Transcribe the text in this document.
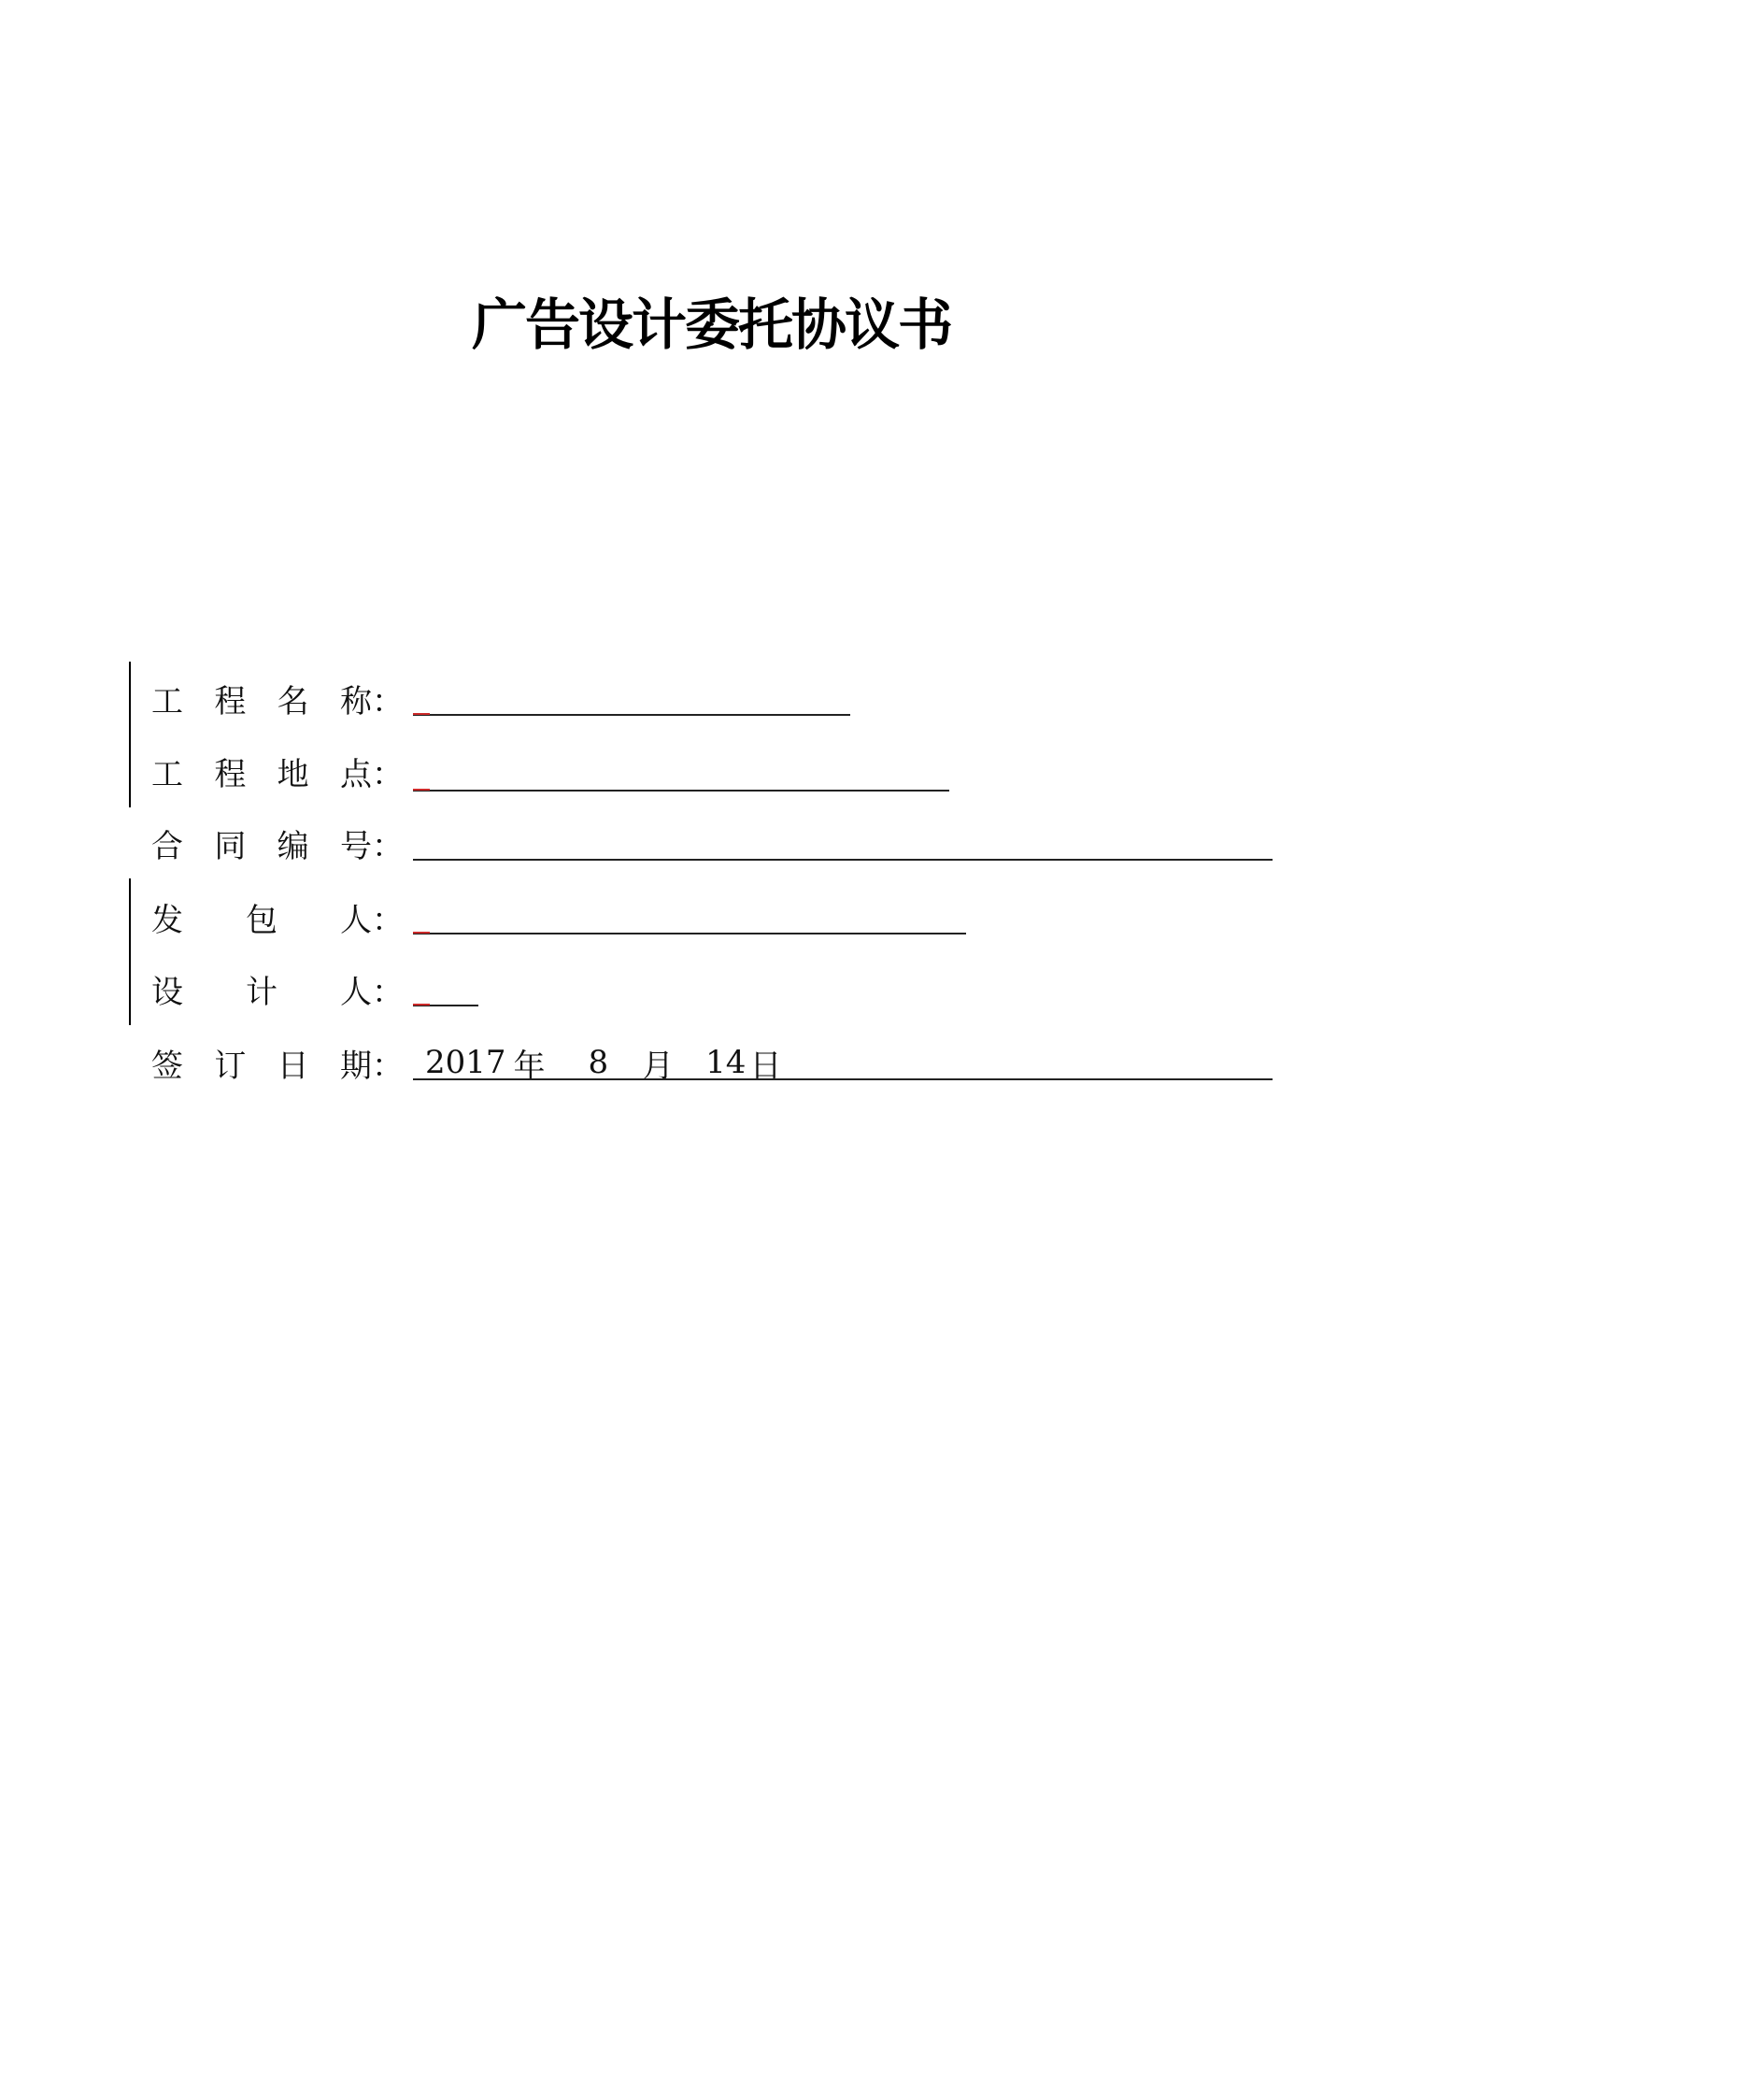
广告设计委托协议书
工 程 名 称：
工 程 地 点：
合 同 编 号：
发 包 人：
设 计 人：
签 订 日 期： 2017 年 8 月 14 日
